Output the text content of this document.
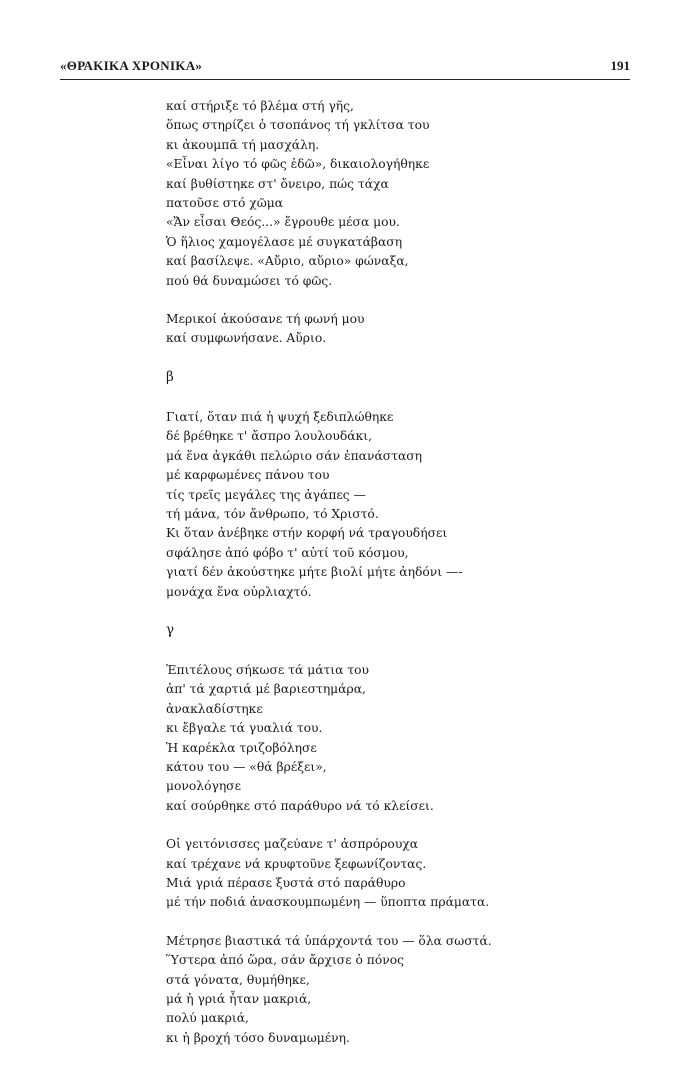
«ΘΡΑΚΙΚΑ ΧΡΟΝΙΚΑ»	191
καί στήριξε τό βλέμα στή γῆς,
ὅπως στηρίζει ὁ τσοπάνος τή γκλίτσα του
κι ἀκουμπᾶ τή μασχάλη.
«Εἶναι λίγο τό φῶς ἐδῶ», δικαιολογήθηκε
καί βυθίστηκε στ' ὄνειρο, πώς τάχα
πατοῦσε στό χῶμα
«Ἄν εἶσαι Θεός...» ἔγρουθε μέσα μου.
Ὁ ἥλιος χαμογέλασε μέ συγκατάβαση
καί βασίλεψε. «Αὔριο, αὔριο» φώναξα,
πού θά δυναμώσει τό φῶς.
Μερικοί ἀκούσανε τή φωνή μου
καί συμφωνήσανε. Αὔριο.
β
Γιατί, ὅταν πιά ἡ ψυχή ξεδιπλώθηκε
δέ βρέθηκε τ' ἄσπρο λουλουδάκι,
μά ἕνα ἀγκάθι πελώριο σάν ἐπανάσταση
μέ καρφωμένες πάνου του
τίς τρεῖς μεγάλες της ἀγάπες —
τή μάνα, τόν ἄνθρωπο, τό Χριστό.
Κι ὅταν ἀνέβηκε στήν κορφή νά τραγουδήσει
σφάλησε ἀπό φόβο τ' αὐτί τοῦ κόσμου,
γιατί δέν ἀκούστηκε μήτε βιολί μήτε ἀηδόνι —-
μονάχα ἕνα οὐρλιαχτό.
γ
Ἐπιτέλους σήκωσε τά μάτια του
ἀπ' τά χαρτιά μέ βαριεστημάρα,
ἀνακλαδίστηκε
κι ἔβγαλε τά γυαλιά του.
Ἡ καρέκλα τριζοβόλησε
κάτου του — «θά βρέξει»,
μονολόγησε
καί σούρθηκε στό παράθυρο νά τό κλείσει.
Οἱ γειτόνισσες μαζεύανε τ' ἀσπρόρουχα
καί τρέχανε νά κρυφτοῦνε ξεφωνίζοντας.
Μιά γριά πέρασε ξυστά στό παράθυρο
μέ τήν ποδιά ἀνασκουμπωμένη — ὕποπτα πράματα.
Μέτρησε βιαστικά τά ὑπάρχοντά του — ὅλα σωστά.
Ὕστερα ἀπό ὥρα, σάν ἄρχισε ὁ πόνος
στά γόνατα, θυμήθηκε,
μά ἡ γριά ἦταν μακριά,
πολύ μακριά,
κι ἡ βροχή τόσο δυναμωμένη.
